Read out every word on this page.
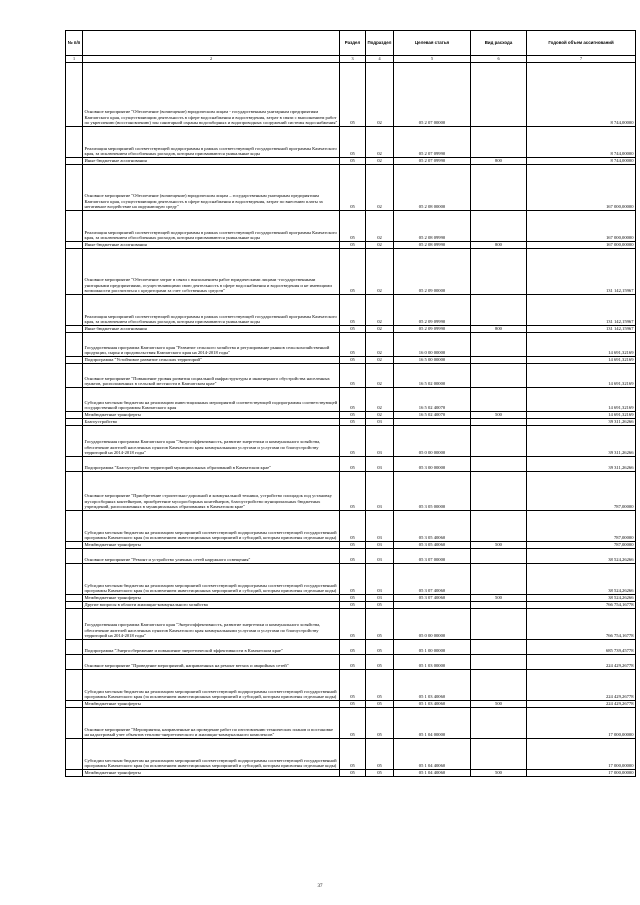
№ п/п		Раздел	Подраздел	Целевая статья	Вид расхода	Годовой объем ассигнований
1	2	3	4	5	6	7
	Основное мероприятие "Обеспечение (возмещение) юридическим лицам - государственным унитарным предприятиям Камчатского края, осуществляющим деятельность в сфере водоснабжения и водоотведения, затрат в связи с выполнением работ по укреплению (восстановлению) зон санитарной охраны водозаборных и водопроводных сооружений системы водоснабжения"	05	02	05 2 07 00000		8 744,00000
	Реализация мероприятий соответствующей подпрограммы в рамках соответствующей государственной программы Камчатского края, за исключением обособленных расходов, которым присваиваются уникальные коды	05	02	05 2 07 09990		8 744,00000
	Иные бюджетные ассигнования	05	02	05 2 07 09990	800	8 744,00000
	Основное мероприятие "Обеспечение (возмещение) юридическим лицам – государственным унитарным предприятиям Камчатского края, осуществляющим деятельность в сфере водоснабжения и водоотведения, затрат по внесению платы за негативное воздействие на окружающую среду"	05	02	05 2 08 00000		167 000,00000
	Реализация мероприятий соответствующей подпрограммы в рамках соответствующей государственной программы Камчатского края, за исключением обособленных расходов, которым присваиваются уникальные коды	05	02	05 2 08 09990		167 000,00000
	Иные бюджетные ассигнования	05	02	05 2 08 09990	800	167 000,00000
	Основное мероприятие "Обеспечение затрат в связи с выполнением работ юридическими лицами -государственными унитарными предприятиями, осуществляющими свою деятельность в сфере водоснабжения и водоотведения и не имеющими возможности рассчитаться с кредиторами за счет собственных средств"	05	02	05 2 09 00000		131 142,15967
	Реализация мероприятий соответствующей подпрограммы в рамках соответствующей государственной программы Камчатского края, за исключением обособленных расходов, которым присваиваются уникальные коды	05	02	05 2 09 09990		131 142,15967
	Иные бюджетные ассигнования	05	02	05 2 09 09990	800	131 142,15967
	Государственная программа Камчатского края "Развитие сельского хозяйства и регулирование рынков сельскохозяйственной продукции, сырья и продовольствия Камчатского края на 2014-2018 годы"	05	02	16 0 00 00000		14 691,32169
	Подпрограмма "Устойчивое развитие сельских территорий"	05	02	16 5 00 00000		14 691,32169
	Основное мероприятие "Повышение уровня развития социальной инфраструктуры и инженерного обустройства населенных пунктов, расположенных в сельской местности в Камчатском крае"	05	02	16 5 02 00000		14 691,32169
	Субсидии местным бюджетам на реализацию инвестиционных мероприятий соответствующей подпрограммы соответствующей государственной программы Камчатского края	05	02	16 5 02 40070		14 691,32169
	Межбюджетные трансферты	05	02	16 5 02 40070	500	14 691,32169
	Благоустройство	05	03			39 311,26266
	Государственная программа Камчатского края "Энергоэффективность, развитие энергетики и коммунального хозяйства, обеспечение жителей населенных пунктов Камчатского края коммунальными услугами и услугами по благоустройству территорий на 2014-2018 годы"	05	03	05 0 00 00000		39 311,26266
	Подпрограмма "Благоустройство территорий муниципальных образований в Камчатском крае"	05	03	05 3 00 00000		39 311,26266
	Основное мероприятие "Приобретение строительно-дорожной и коммунальной техники, устройство площадок под установку мусоросборных контейнеров, приобретение мусоросборных контейнеров, благоустройство муниципальных бюджетных учреждений, расположенных в муниципальных образованиях в Камчатском крае"	05	03	05 3 05 00000		787,00000
	Субсидии местным бюджетам на реализацию мероприятий соответствующей подпрограммы соответствующей государственной программы Камчатского края (за исключением инвестиционных мероприятий и субсидий, которым присвоены отдельные коды)	05	03	05 3 05 40060		787,00000
	Межбюджетные трансферты	05	03	05 3 05 40060	500	787,00000
	Основное мероприятие "Ремонт и устройство уличных сетей наружного освещения"	05	03	05 3 07 00000		38 524,26266
	Субсидии местным бюджетам на реализацию мероприятий соответствующей подпрограммы соответствующей государственной программы Камчатского края (за исключением инвестиционных мероприятий и субсидий, которым присвоены отдельные коды)	05	03	05 3 07 40060		38 524,26266
	Межбюджетные трансферты	05	03	05 3 07 40060	500	38 524,26266
	Другие вопросы в области жилищно-коммунального хозяйства	05	05			766 754,16778
	Государственная программа Камчатского края "Энергоэффективность, развитие энергетики и коммунального хозяйства, обеспечение жителей населенных пунктов Камчатского края коммунальными услугами и услугами по благоустройству территорий на 2014-2018 годы"	05	05	05 0 00 00000		766 754,16778
	Подпрограмма "Энергосбережение и повышение энергетической эффективности в Камчатском крае"	05	05	05 1 00 00000		685 739,45778
	Основное мероприятие "Проведение мероприятий, направленных на ремонт ветхих и аварийных сетей"	05	05	05 1 03 00000		224 429,26778
	Субсидии местным бюджетам на реализацию мероприятий соответствующей подпрограммы соответствующей государственной программы Камчатского края (за исключением инвестиционных мероприятий и субсидий, которым присвоены отдельные коды)	05	05	05 1 03 40060		224 429,26778
	Межбюджетные трансферты	05	05	05 1 03 40060	500	224 429,26778
	Основное мероприятие "Мероприятия, направленные на проведение работ по изготовлению технических планов и постановке на кадастровый учет объектов теплово-энергетического и жилищно-коммунального комплексов"	05	05	05 1 04 00000		17 000,00000
	Субсидии местным бюджетам на реализацию мероприятий соответствующей подпрограммы соответствующей государственной программы Камчатского края (за исключением инвестиционных мероприятий и субсидий, которым присвоены отдельные коды)	05	05	05 1 04 40060		17 000,00000
	Межбюджетные трансферты	05	05	05 1 04 40060	500	17 000,00000
37
